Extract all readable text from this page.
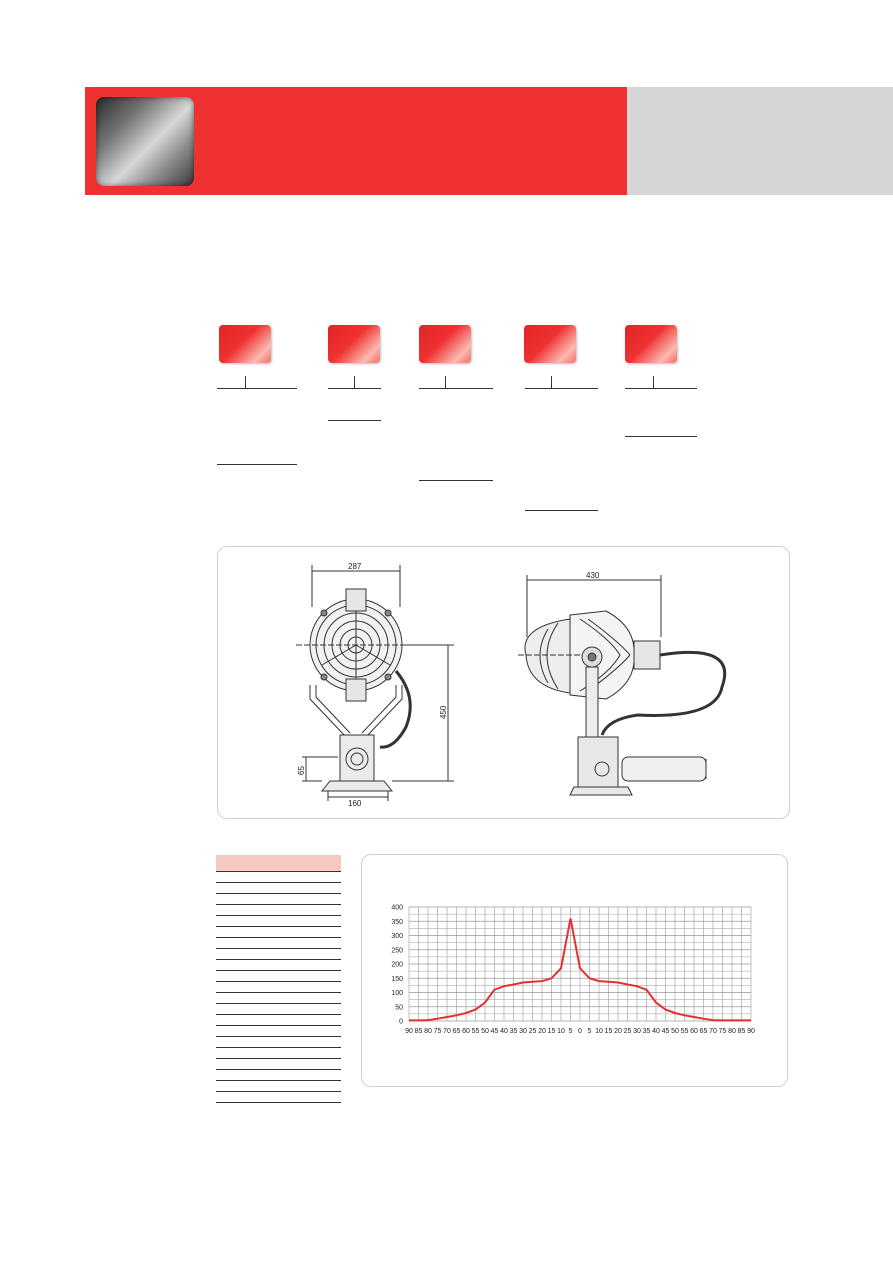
287
450
65
160
430
0
50
100
150
200
250
300
350
400
90 85 80 75 70 65 60 55 50 45 40 35 30 25 20 15 10 5 0 5 10 15 20 25 30 35 40 45 50 55 60 65 70 75 80 85 90
